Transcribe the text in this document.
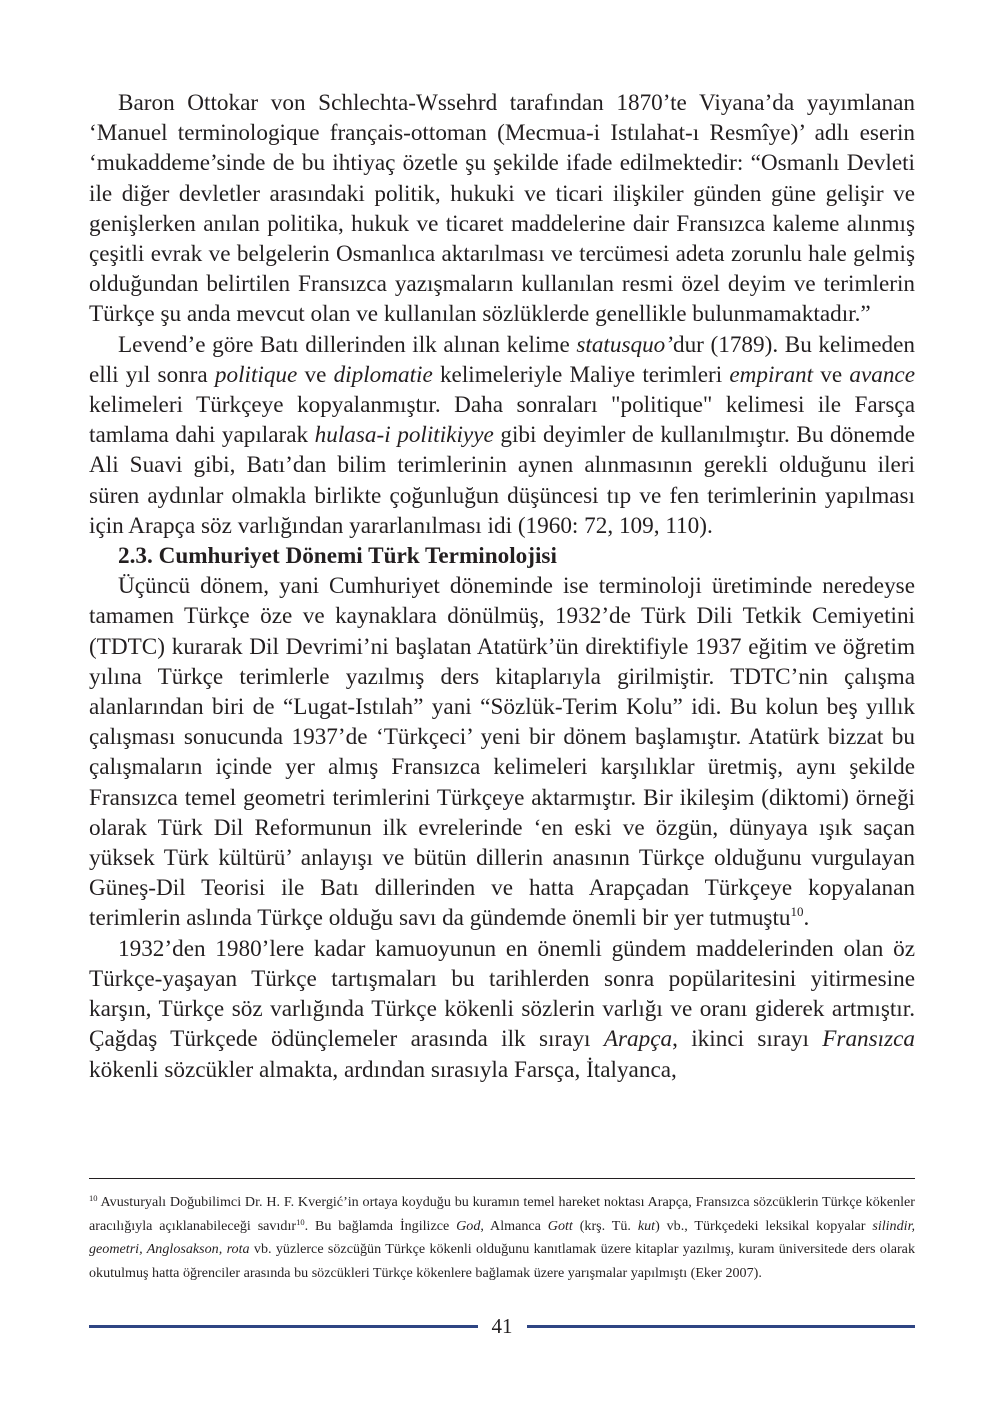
Baron Ottokar von Schlechta-Wssehrd tarafından 1870’te Viyana’da yayımlanan ‘Manuel terminologique français-ottoman (Mecmua-i Istılahat-ı Resmîye)’ adlı eserin ‘mukaddeme’sinde de bu ihtiyaç özetle şu şekilde ifade edilmektedir: “Osmanlı Devleti ile diğer devletler arasındaki politik, hukuki ve ticari ilişkiler günden güne gelişir ve genişlerken anılan politika, hukuk ve ticaret maddelerine dair Fransızca kaleme alınmış çeşitli evrak ve belgelerin Osmanlıca aktarılması ve tercümesi adeta zorunlu hale gelmiş olduğundan belirtilen Fransızca yazışmaların kullanılan resmi özel deyim ve terimlerin Türkçe şu anda mevcut olan ve kullanılan sözlüklerde genellikle bulunmamaktadır.”

Levend’e göre Batı dillerinden ilk alınan kelime statusquo’dur (1789). Bu kelimeden elli yıl sonra politique ve diplomatie kelimeleriyle Maliye terimleri empirant ve avance kelimeleri Türkçeye kopyalanmıştır. Daha sonraları "politique" kelimesi ile Farsça tamlama dahi yapılarak hulasa-i politikiyye gibi deyimler de kullanılmıştır. Bu dönemde Ali Suavi gibi, Batı’dan bilim terimlerinin aynen alınmasının gerekli olduğunu ileri süren aydınlar olmakla birlikte çoğunluğun düşüncesi tıp ve fen terimlerinin yapılması için Arapça söz varlığından yararlanılması idi (1960: 72, 109, 110).

2.3. Cumhuriyet Dönemi Türk Terminolojisi

Üçüncü dönem, yani Cumhuriyet döneminde ise terminoloji üretiminde neredeyse tamamen Türkçe öze ve kaynaklara dönülmüş, 1932’de Türk Dili Tetkik Cemiyetini (TDTC) kurarak Dil Devrimi’ni başlatan Atatürk’ün direktifiyle 1937 eğitim ve öğretim yılına Türkçe terimlerle yazılmış ders kitaplarıyla girilmiştir. TDTC’nin çalışma alanlarından biri de “Lugat-Istılah” yani “Sözlük-Terim Kolu” idi. Bu kolun beş yıllık çalışması sonucunda 1937’de ‘Türkçeci’ yeni bir dönem başlamıştır. Atatürk bizzat bu çalışmaların içinde yer almış Fransızca kelimeleri karşılıklar üretmiş, aynı şekilde Fransızca temel geometri terimlerini Türkçeye aktarmıştır. Bir ikileşim (diktomi) örneği olarak Türk Dil Reformunun ilk evrelerinde ‘en eski ve özgün, dünyaya ışık saçan yüksek Türk kültürü’ anlayışı ve bütün dillerin anasının Türkçe olduğunu vurgulayan Güneş-Dil Teorisi ile Batı dillerinden ve hatta Arapçadan Türkçeye kopyalanan terimlerin aslında Türkçe olduğu savı da gündemde önemli bir yer tutmuştu$^{10}$.

1932’den 1980’lere kadar kamuoyunun en önemli gündem maddelerinden olan öz Türkçe-yaşayan Türkçe tartışmaları bu tarihlerden sonra popülaritesini yitirmesine karşın, Türkçe söz varlığında Türkçe kökenli sözlerin varlığı ve oranı giderek artmıştır. Çağdaş Türkçede ödünçlemeler arasında ilk sırayı Arapça, ikinci sırayı Fransızca kökenli sözcükler almakta, ardından sırasıyla Farsça, İtalyanca,

$^{10}$ Avusturyalı Doğubilimci Dr. H. F. Kvergić’in ortaya koyduğu bu kuramın temel hareket noktası Arapça, Fransızca sözcüklerin Türkçe kökenler aracılığıyla açıklanabileceği savıdır$^{10}$. Bu bağlamda İngilizce God, Almanca Gott (krş. Tü. kut) vb., Türkçedeki leksikal kopyalar silindir, geometri, Anglosakson, rota vb. yüzlerce sözcüğün Türkçe kökenli olduğunu kanıtlamak üzere kitaplar yazılmış, kuram üniversitede ders olarak okutulmuş hatta öğrenciler arasında bu sözcükleri Türkçe kökenlere bağlamak üzere yarışmalar yapılmıştı (Eker 2007).

41
